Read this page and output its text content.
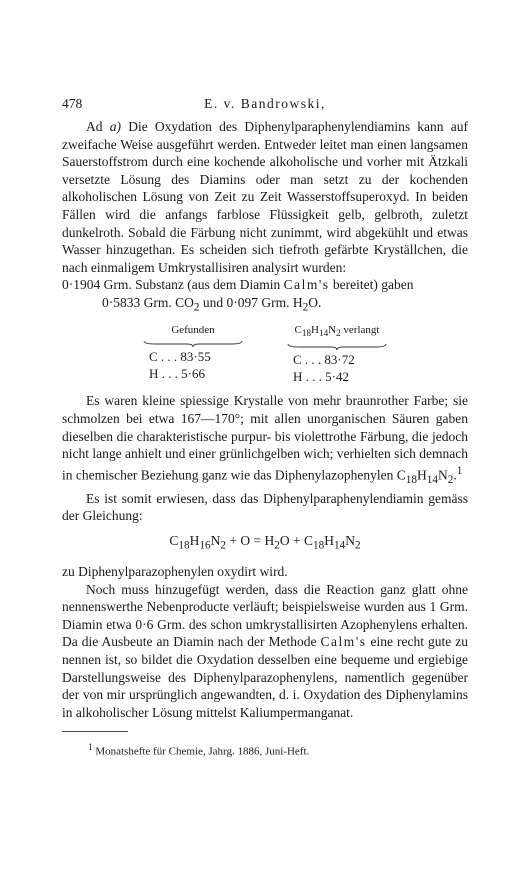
478	E. v. Bandrowski,

Ad a) Die Oxydation des Diphenylparaphenylendiamins kann auf zweifache Weise ausgeführt werden. Entweder leitet man einen langsamen Sauerstoffstrom durch eine kochende alkoholische und vorher mit Ätzkali versetzte Lösung des Diamins oder man setzt zu der kochenden alkoholischen Lösung von Zeit zu Zeit Wasserstoffsuperoxyd. In beiden Fällen wird die anfangs farblose Flüssigkeit gelb, gelbroth, zuletzt dunkelroth. Sobald die Färbung nicht zunimmt, wird abgekühlt und etwas Wasser hinzugethan. Es scheiden sich tiefroth gefärbte Kryställchen, die nach einmaligem Umkrystallisiren analysirt wurden:

0·1904 Grm. Substanz (aus dem Diamin Calm's bereitet) gaben

0·5833 Grm. $CO_2$ und 0·097 Grm. $H_2O$.

Gefunden
C . . . 83·55
H . . . 5·66
$C_{18}H_{14}N_2$ verlangt
C . . . 83·72
H . . . 5·42

Es waren kleine spiessige Krystalle von mehr braunrother Farbe; sie schmolzen bei etwa 167—170°; mit allen unorganischen Säuren gaben dieselben die charakteristische purpur- bis violettrothe Färbung, die jedoch nicht lange anhielt und einer grünlichgelben wich; verhielten sich demnach in chemischer Beziehung ganz wie das Diphenylazophenylen $C_{18}H_{14}N_2.^1$

Es ist somit erwiesen, dass das Diphenylparaphenylendiamin gemäss der Gleichung:

$C_{18}H_{16}N_2 + O = H_2O + C_{18}H_{14}N_2$

zu Diphenylparazophenylen oxydirt wird.

Noch muss hinzugefügt werden, dass die Reaction ganz glatt ohne nennenswerthe Nebenproducte verläuft; beispielsweise wurden aus 1 Grm. Diamin etwa 0·6 Grm. des schon umkrystallisirten Azophenylens erhalten. Da die Ausbeute an Diamin nach der Methode Calm's eine recht gute zu nennen ist, so bildet die Oxydation desselben eine bequeme und ergiebige Darstellungsweise des Diphenylparazophenylens, namentlich gegenüber der von mir ursprünglich angewandten, d. i. Oxydation des Diphenylamins in alkoholischer Lösung mittelst Kaliumpermanganat.

$^1$ Monatshefte für Chemie, Jahrg. 1886, Juni-Heft.
